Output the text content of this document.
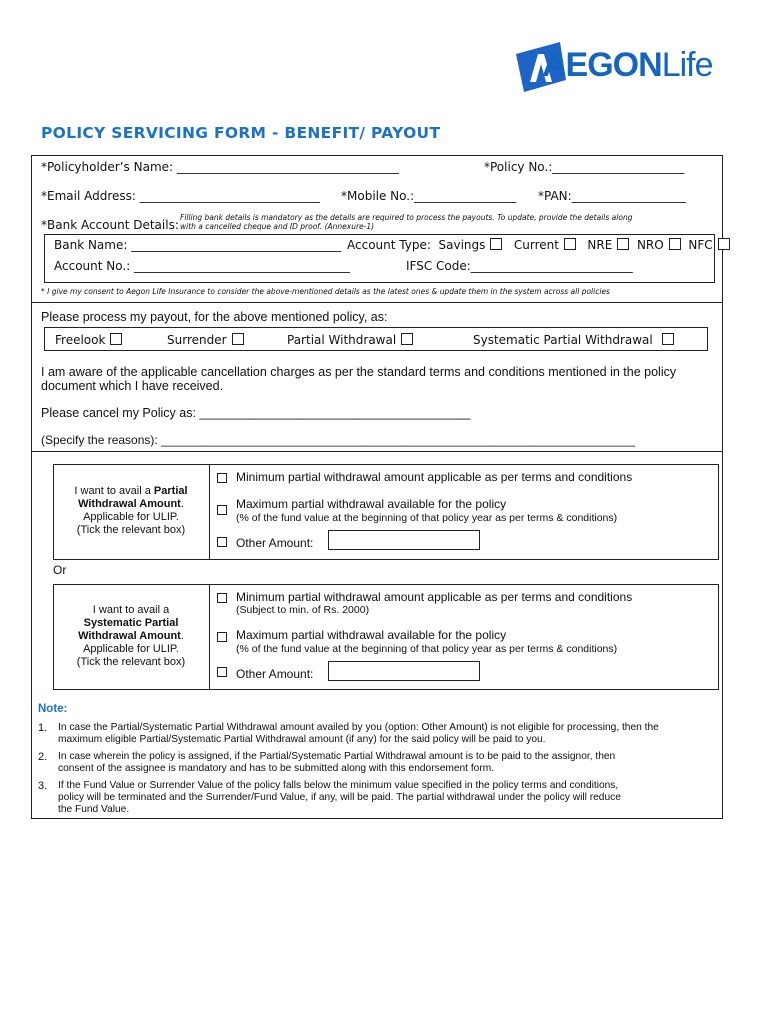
AEGONLife
POLICY SERVICING FORM - BENEFIT/ PAYOUT
*Policyholder’s Name: _____________________________________	*Policy No.:______________________
*Email Address: ______________________________ *Mobile No.:_________________ *PAN:___________________
*Bank Account Details:
Filling bank details is mandatory as the details are required to process the payouts. To update, provide the details along
with a cancelled cheque and ID proof. (Annexure-1)
Bank Name: ___________________________________ Account Type: Savings Current NRE NRO NFC
Account No.: ____________________________________	IFSC Code:___________________________
* I give my consent to Aegon Life Insurance to consider the above-mentioned details as the latest ones & update them in the system across all policies
Please process my payout, for the above mentioned policy, as:
Freelook	Surrender	Partial Withdrawal	Systematic Partial Withdrawal
I am aware of the applicable cancellation charges as per the standard terms and conditions mentioned in the policy
document which I have received.
Please cancel my Policy as: _______________________________________
(Specify the reasons): _______________________________________________________________________
I want to avail a Partial
Withdrawal Amount.
Applicable for ULIP.
(Tick the relevant box)
Minimum partial withdrawal amount applicable as per terms and conditions
Maximum partial withdrawal available for the policy
(% of the fund value at the beginning of that policy year as per terms & conditions)
Other Amount:
Or
I want to avail a
Systematic Partial
Withdrawal Amount.
Applicable for ULIP.
(Tick the relevant box)
Minimum partial withdrawal amount applicable as per terms and conditions
(Subject to min. of Rs. 2000)
Maximum partial withdrawal available for the policy
(% of the fund value at the beginning of that policy year as per terms & conditions)
Other Amount:
Note:
1. In case the Partial/Systematic Partial Withdrawal amount availed by you (option: Other Amount) is not eligible for processing, then the
maximum eligible Partial/Systematic Partial Withdrawal amount (if any) for the said policy will be paid to you.
2. In case wherein the policy is assigned, if the Partial/Systematic Partial Withdrawal amount is to be paid to the assignor, then
consent of the assignee is mandatory and has to be submitted along with this endorsement form.
3. If the Fund Value or Surrender Value of the policy falls below the minimum value specified in the policy terms and conditions,
policy will be terminated and the Surrender/Fund Value, if any, will be paid. The partial withdrawal under the policy will reduce
the Fund Value.
